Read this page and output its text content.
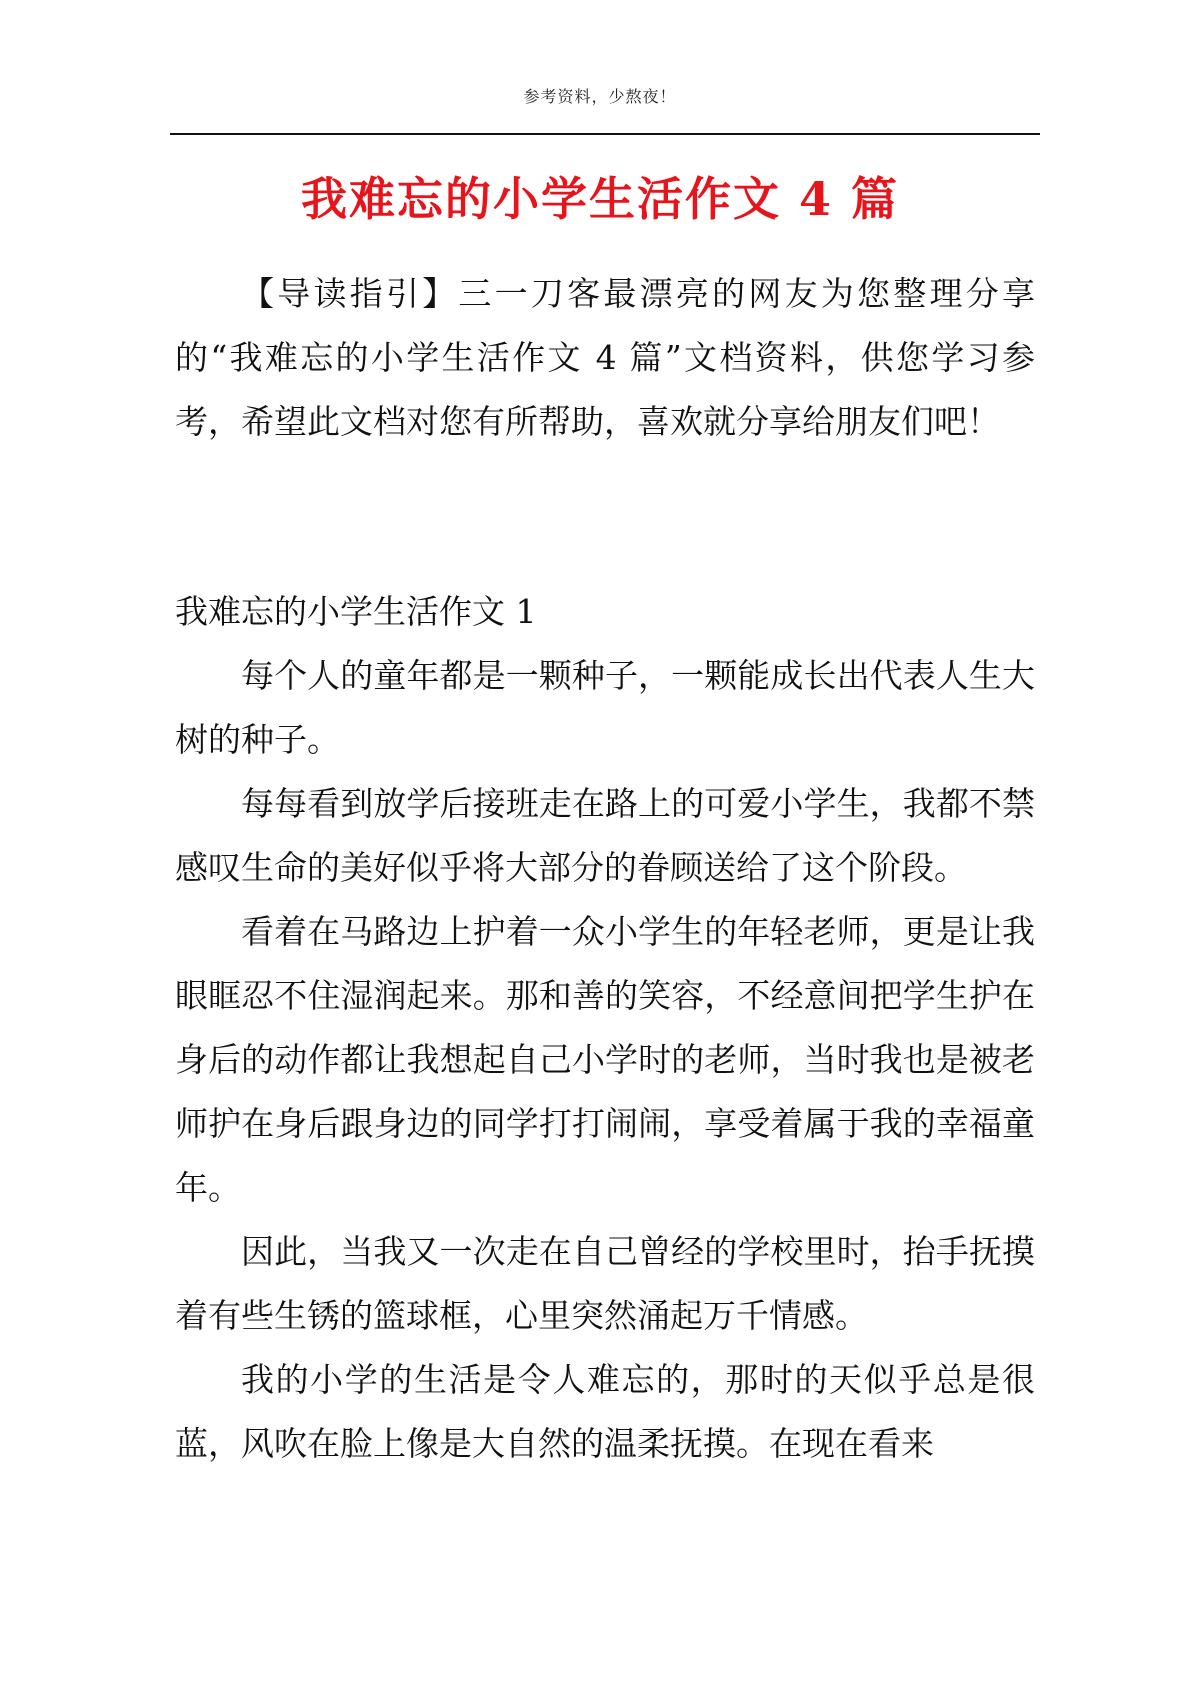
参考资料，少熬夜！
我难忘的小学生活作文 4 篇

【导读指引】三一刀客最漂亮的网友为您整理分享的“我难忘的小学生活作文 4 篇”文档资料，供您学习参考，希望此文档对您有所帮助，喜欢就分享给朋友们吧！

我难忘的小学生活作文 1

每个人的童年都是一颗种子，一颗能成长出代表人生大树的种子。

每每看到放学后接班走在路上的可爱小学生，我都不禁感叹生命的美好似乎将大部分的眷顾送给了这个阶段。

看着在马路边上护着一众小学生的年轻老师，更是让我眼眶忍不住湿润起来。那和善的笑容，不经意间把学生护在身后的动作都让我想起自己小学时的老师，当时我也是被老师护在身后跟身边的同学打打闹闹，享受着属于我的幸福童年。

因此，当我又一次走在自己曾经的学校里时，抬手抚摸着有些生锈的篮球框，心里突然涌起万千情感。

我的小学的生活是令人难忘的，那时的天似乎总是很蓝，风吹在脸上像是大自然的温柔抚摸。在现在看来
